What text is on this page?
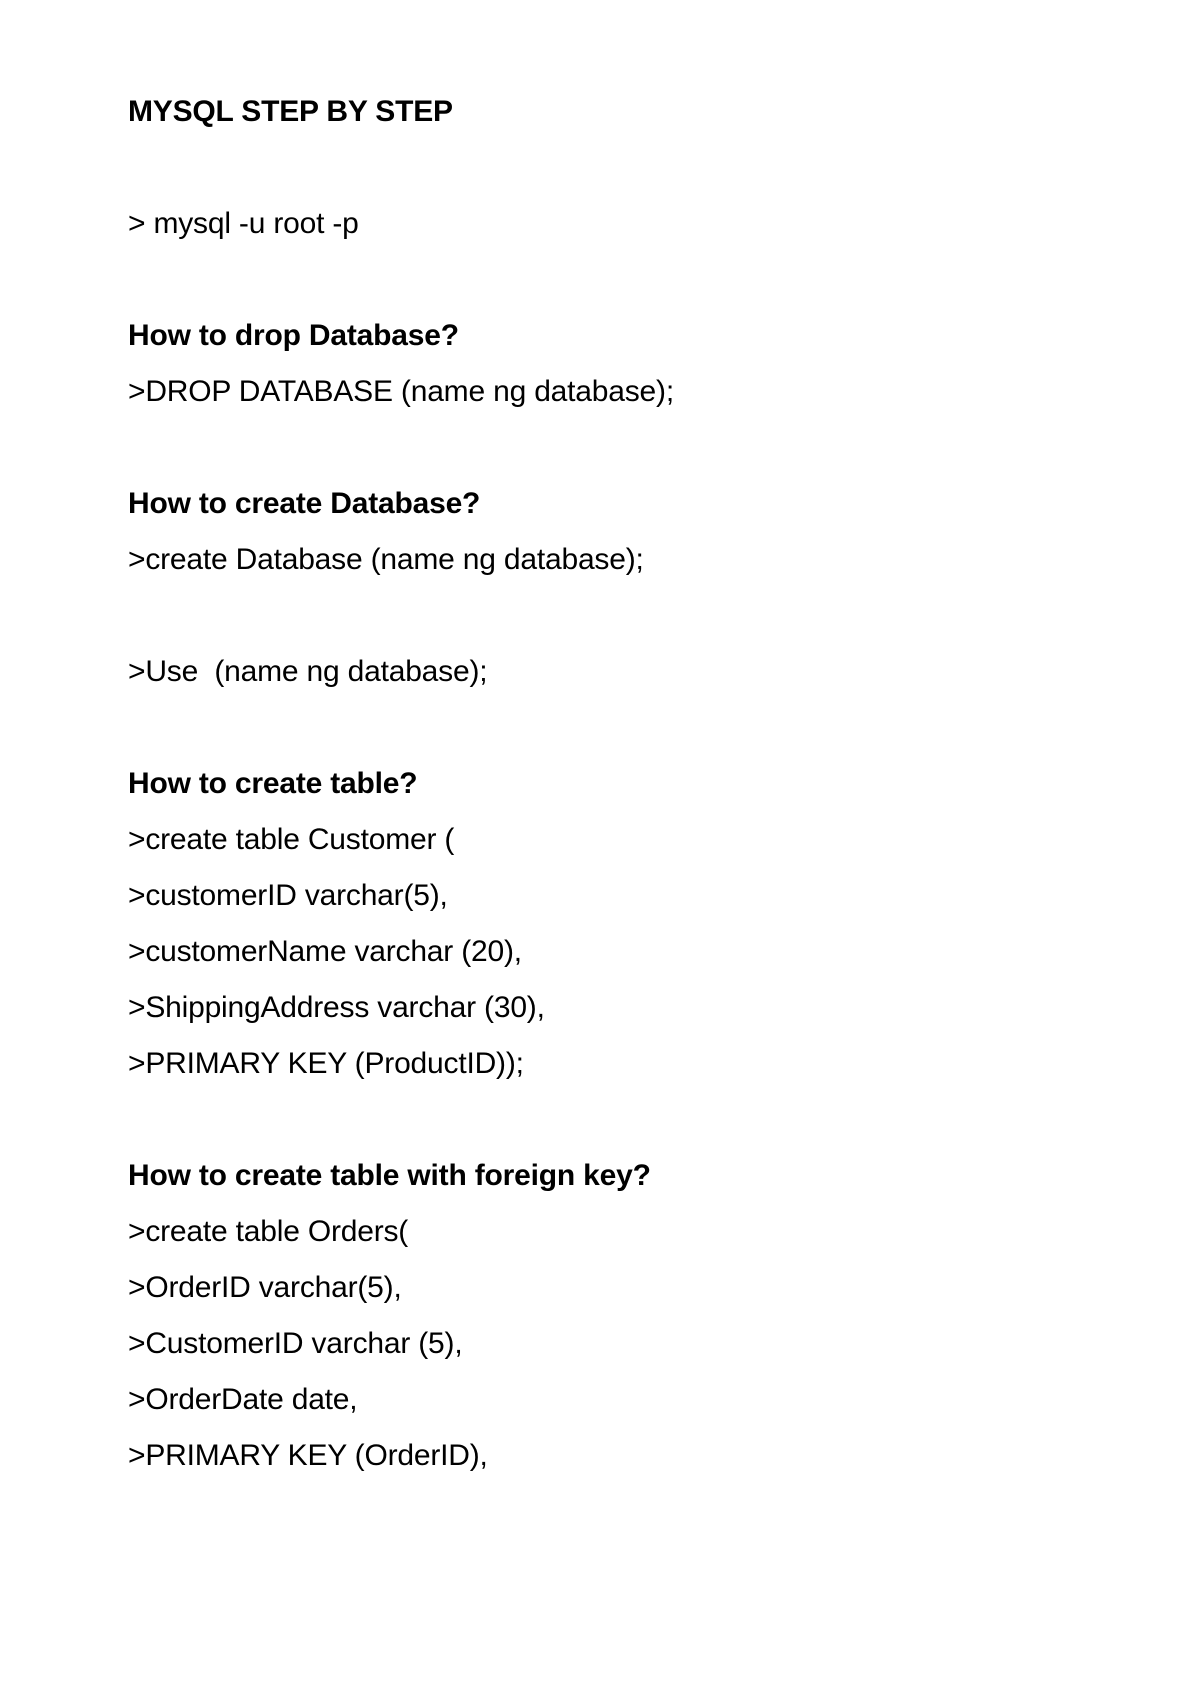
MYSQL STEP BY STEP
> mysql -u root -p
How to drop Database?
>DROP DATABASE (name ng database);
How to create Database?
>create Database (name ng database);
>Use  (name ng database);
How to create table?
>create table Customer (
>customerID varchar(5),
>customerName varchar (20),
>ShippingAddress varchar (30),
>PRIMARY KEY (ProductID));
How to create table with foreign key?
>create table Orders(
>OrderID varchar(5),
>CustomerID varchar (5),
>OrderDate date,
>PRIMARY KEY (OrderID),
